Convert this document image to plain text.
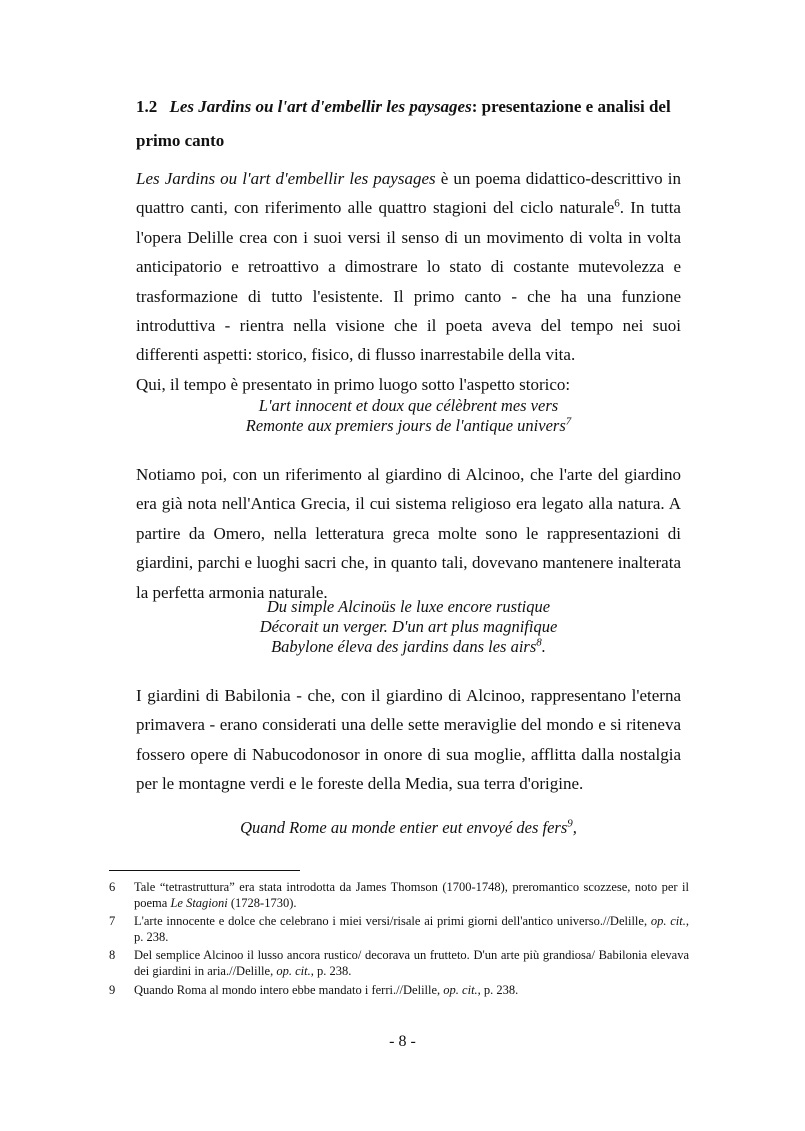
1.2 Les Jardins ou l'art d'embellir les paysages: presentazione e analisi del primo canto

Les Jardins ou l'art d'embellir les paysages è un poema didattico-descrittivo in quattro canti, con riferimento alle quattro stagioni del ciclo naturale$^6$. In tutta l'opera Delille crea con i suoi versi il senso di un movimento di volta in volta anticipatorio e retroattivo a dimostrare lo stato di costante mutevolezza e trasformazione di tutto l'esistente. Il primo canto - che ha una funzione introduttiva - rientra nella visione che il poeta aveva del tempo nei suoi differenti aspetti: storico, fisico, di flusso inarrestabile della vita.
Qui, il tempo è presentato in primo luogo sotto l'aspetto storico:

L'art innocent et doux que célèbrent mes vers
Remonte aux premiers jours de l'antique univers$^7$

Notiamo poi, con un riferimento al giardino di Alcinoo, che l'arte del giardino era già nota nell'Antica Grecia, il cui sistema religioso era legato alla natura. A partire da Omero, nella letteratura greca molte sono le rappresentazioni di giardini, parchi e luoghi sacri che, in quanto tali, dovevano mantenere inalterata la perfetta armonia naturale.

Du simple Alcinoüs le luxe encore rustique
Décorait un verger. D'un art plus magnifique
Babylone éleva des jardins dans les airs$^8$.

I giardini di Babilonia - che, con il giardino di Alcinoo, rappresentano l'eterna primavera - erano considerati una delle sette meraviglie del mondo e si riteneva fossero opere di Nabucodonosor in onore di sua moglie, afflitta dalla nostalgia per le montagne verdi e le foreste della Media, sua terra d'origine.

Quand Rome au monde entier eut envoyé des fers$^9$,
6 Tale “tetrastruttura” era stata introdotta da James Thomson (1700-1748), preromantico scozzese, noto per il poema Le Stagioni (1728-1730).
7 L'arte innocente e dolce che celebrano i miei versi/risale ai primi giorni dell'antico universo.//Delille, op. cit., p. 238.
8 Del semplice Alcinoo il lusso ancora rustico/ decorava un frutteto. D'un arte più grandiosa/ Babilonia elevava dei giardini in aria.//Delille, op. cit., p. 238.
9 Quando Roma al mondo intero ebbe mandato i ferri.//Delille, op. cit., p. 238.
- 8 -
